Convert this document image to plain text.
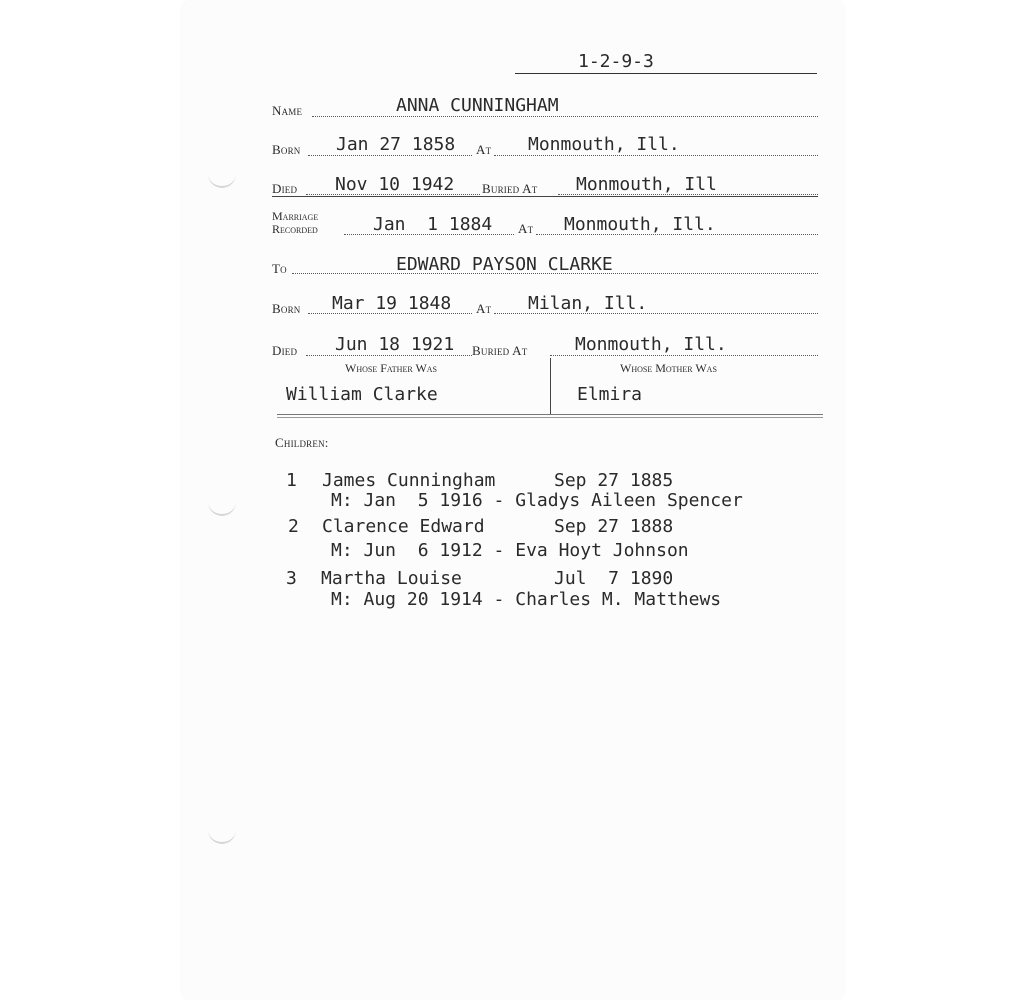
1-2-9-3
Name	ANNA CUNNINGHAM
Born Jan 27 1858 At Monmouth, Ill.
Died Nov 10 1942 Buried At Monmouth, Ill
Marriage
Recorded	Jan  1 1884 At Monmouth, Ill.
To	EDWARD PAYSON CLARKE
Born Mar 19 1848 At Milan, Ill.
Died Jun 18 1921 Buried At	Monmouth, Ill.
Whose Father Was	Whose Mother Was
William Clarke	Elmira
Children:
1 James Cunningham	Sep 27 1885
M: Jan  5 1916 - Gladys Aileen Spencer
2 Clarence Edward	Sep 27 1888
M: Jun  6 1912 - Eva Hoyt Johnson
3 Martha Louise	Jul  7 1890
M: Aug 20 1914 - Charles M. Matthews
